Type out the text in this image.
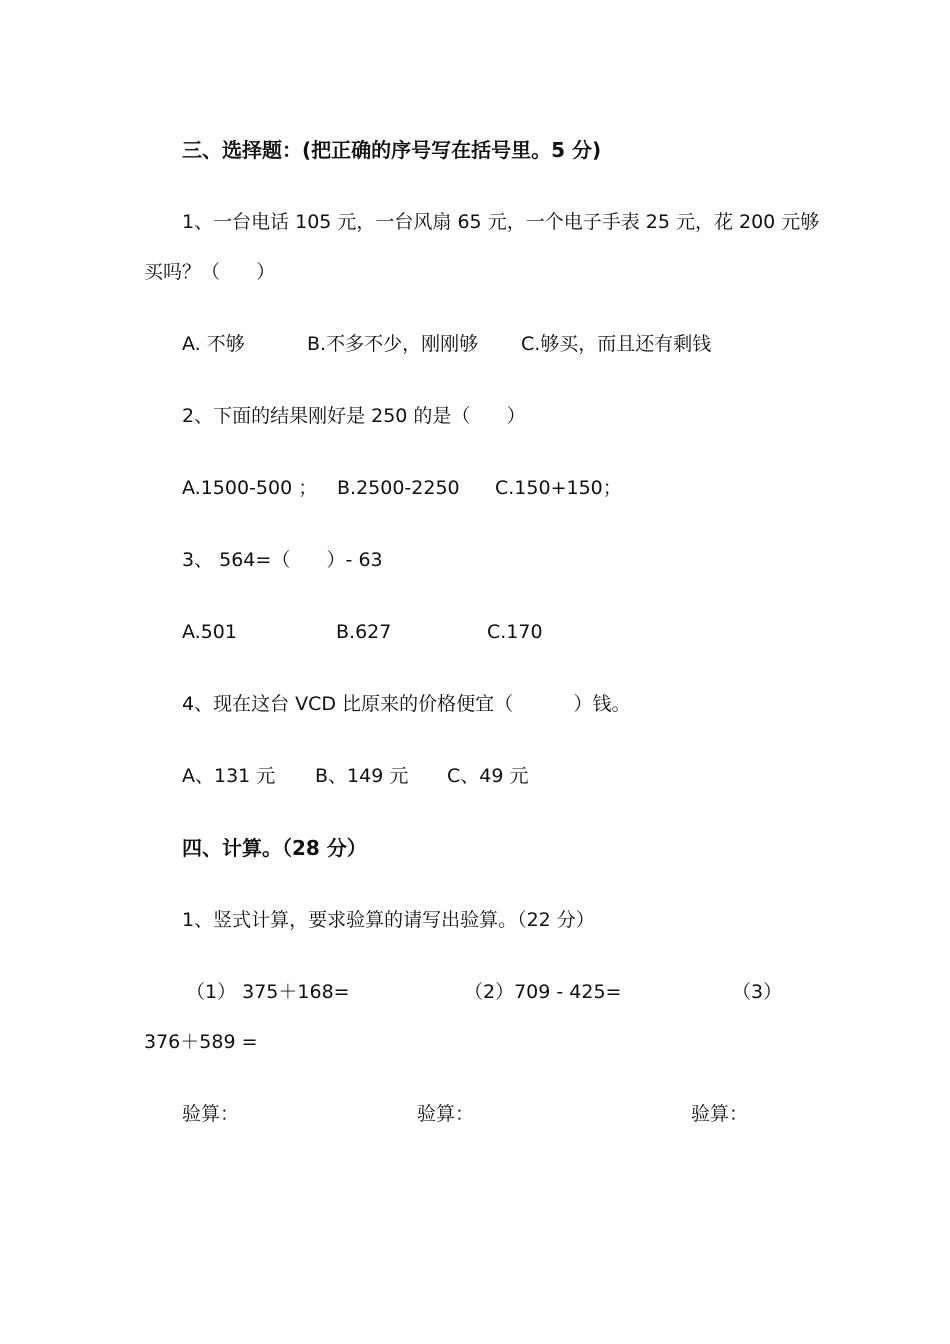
三、选择题：(把正确的序号写在括号里。5 分)
1、一台电话 105 元，一台风扇 65 元，一个电子手表 25 元，花 200 元够
买吗？（      ）
A. 不够	B.不多不少，刚刚够 C.够买，而且还有剩钱
2、下面的结果刚好是 250 的是（      ）
A.1500-500 ； B.2500-2250 C.150+150；
3、 564=（      ）- 63
A.501	B.627	C.170
4、现在这台 VCD 比原来的价格便宜（          ）钱。
A、131 元 B、149 元 C、49 元
四、计算。（28 分）
1、竖式计算，要求验算的请写出验算。（22 分）
（1） 375＋168=	（2）709 - 425=	（3）
376＋589 =
验算：	验算：	验算：
